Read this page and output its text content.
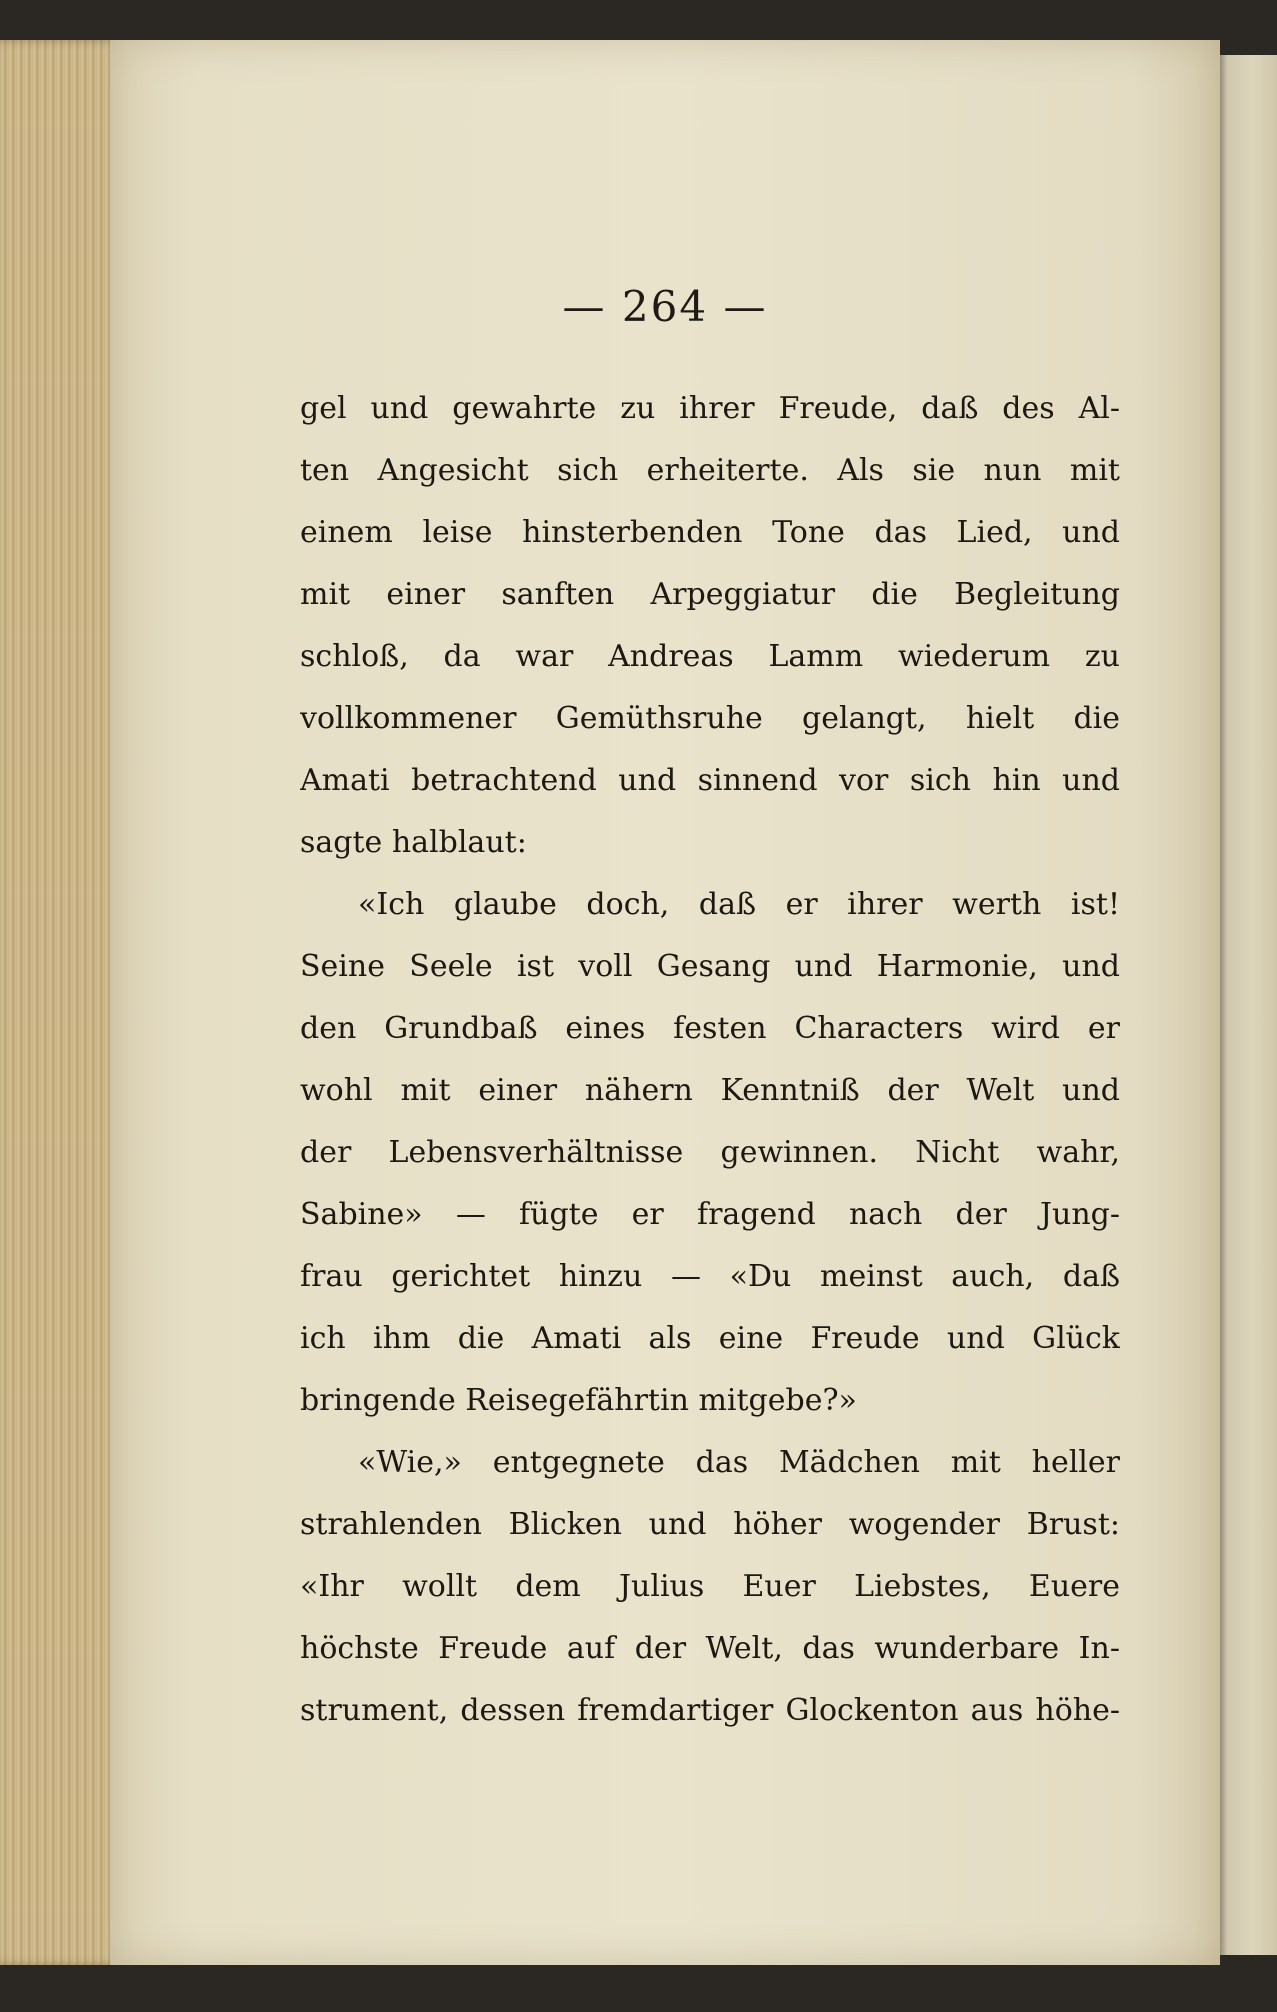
— 264 —
gel und gewahrte zu ihrer Freude, daß des Al-
ten Angesicht sich erheiterte. Als sie nun mit
einem leise hinsterbenden Tone das Lied, und
mit einer sanften Arpeggiatur die Begleitung
schloß, da war Andreas Lamm wiederum zu
vollkommener Gemüthsruhe gelangt, hielt die
Amati betrachtend und sinnend vor sich hin und
sagte halblaut:
«Ich glaube doch, daß er ihrer werth ist!
Seine Seele ist voll Gesang und Harmonie, und
den Grundbaß eines festen Characters wird er
wohl mit einer nähern Kenntniß der Welt und
der Lebensverhältnisse gewinnen. Nicht wahr,
Sabine» — fügte er fragend nach der Jung-
frau gerichtet hinzu — «Du meinst auch, daß
ich ihm die Amati als eine Freude und Glück
bringende Reisegefährtin mitgebe?»
«Wie,» entgegnete das Mädchen mit heller
strahlenden Blicken und höher wogender Brust:
«Ihr wollt dem Julius Euer Liebstes, Euere
höchste Freude auf der Welt, das wunderbare In-
strument, dessen fremdartiger Glockenton aus höhe-
